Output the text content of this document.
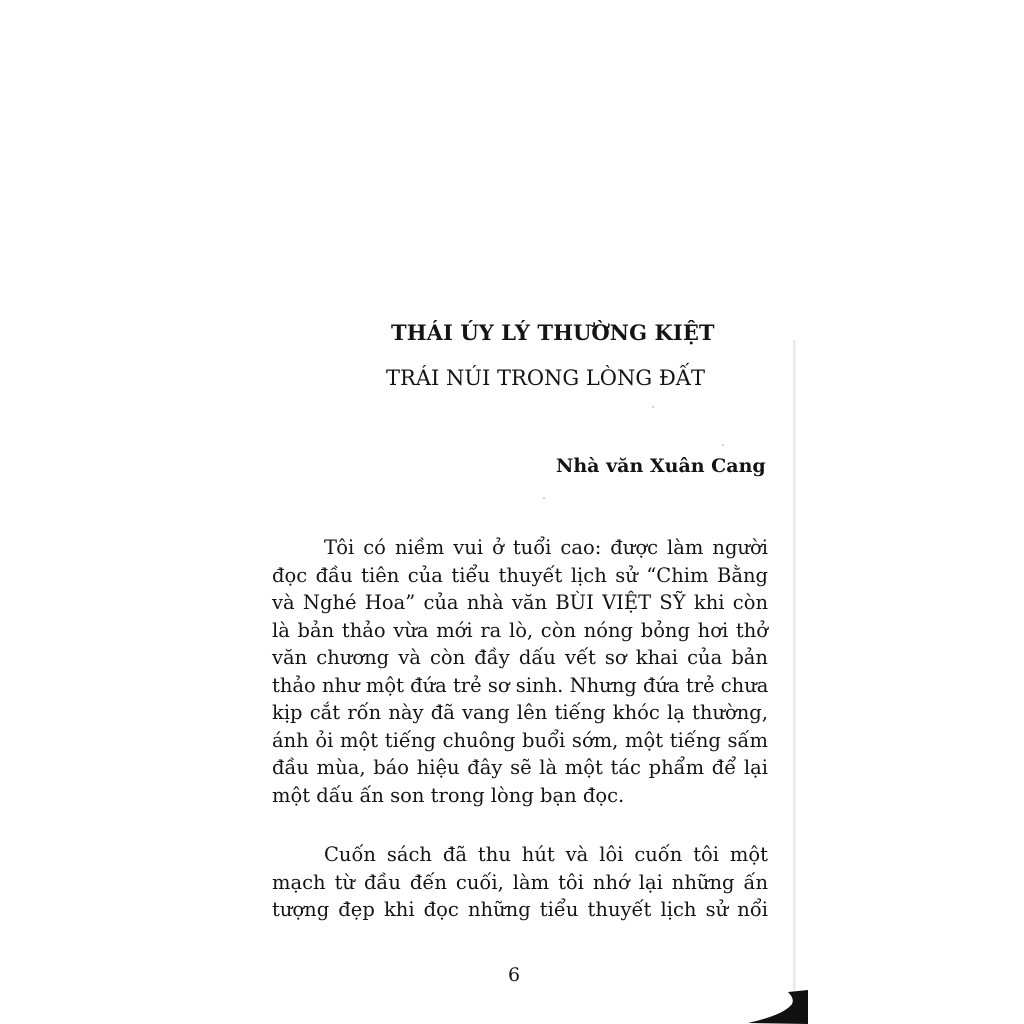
THÁI ÚY LÝ THƯỜNG KIỆT
TRÁI NÚI TRONG LÒNG ĐẤT
Nhà văn Xuân Cang

Tôi có niềm vui ở tuổi cao: được làm người
đọc đầu tiên của tiểu thuyết lịch sử “Chim Bằng
và Nghé Hoa” của nhà văn BÙI VIỆT SỸ khi còn
là bản thảo vừa mới ra lò, còn nóng bỏng hơi thở
văn chương và còn đầy dấu vết sơ khai của bản
thảo như một đứa trẻ sơ sinh. Nhưng đứa trẻ chưa
kịp cắt rốn này đã vang lên tiếng khóc lạ thường,
ánh ỏi một tiếng chuông buổi sớm, một tiếng sấm
đầu mùa, báo hiệu đây sẽ là một tác phẩm để lại
một dấu ấn son trong lòng bạn đọc.

Cuốn sách đã thu hút và lôi cuốn tôi một
mạch từ đầu đến cuối, làm tôi nhớ lại những ấn
tượng đẹp khi đọc những tiểu thuyết lịch sử nổi

6
